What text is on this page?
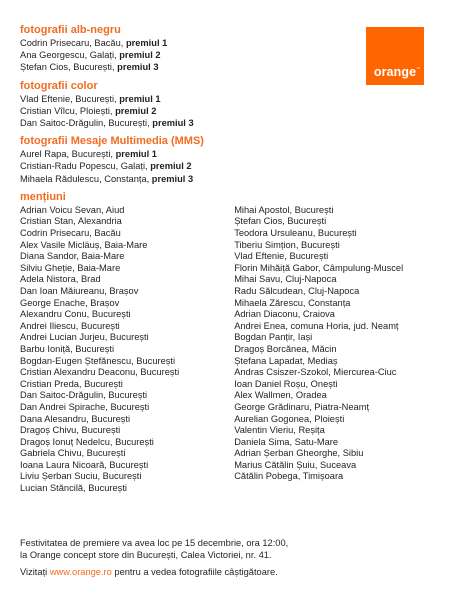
orange ™
fotografii alb-negru
Codrin Prisecaru, Bacău, premiul 1
Ana Georgescu, Galați, premiul 2
Ștefan Cios, București, premiul 3
fotografii color
Vlad Eftenie, București, premiul 1
Cristian Vîlcu, Ploiești, premiul 2
Dan Saitoc-Drăgulin, București, premiul 3
fotografii Mesaje Multimedia (MMS)
Aurel Rapa, București, premiul 1
Cristian-Radu Popescu, Galați, premiul 2
Mihaela Rădulescu, Constanța, premiul 3
mențiuni
Adrian Voicu Sevan, Aiud
Cristian Stan, Alexandria
Codrin Prisecaru, Bacău
Alex Vasile Micläuș, Baia-Mare
Diana Sandor, Baia-Mare
Silviu Gheție, Baia-Mare
Adela Nistora, Brad
Dan Ioan Măiureanu, Brașov
George Enache, Brașov
Alexandru Conu, București
Andrei Iliescu, București
Andrei Lucian Jurjeu, București
Barbu Ioniță, București
Bogdan-Eugen Ștefănescu, București
Cristian Alexandru Deaconu, București
Cristian Preda, București
Dan Saitoc-Drăgulin, București
Dan Andrei Spirache, București
Dana Alesandru, București
Dragoș Chivu, București
Dragoș Ionuț Nedelcu, București
Gabriela Chivu, București
Ioana Laura Nicoară, București
Liviu Șerban Suciu, București
Lucian Stăncilă, București
Mihai Apostol, București
Ștefan Cios, București
Teodora Ursuleanu, București
Tiberiu Simțion, București
Vlad Eftenie, București
Florin Mihăiță Gabor, Câmpulung-Muscel
Mihai Savu, Cluj-Napoca
Radu Sălcudean, Cluj-Napoca
Mihaela Zărescu, Constanța
Adrian Diaconu, Craiova
Andrei Enea, comuna Horia, jud. Neamț
Bogdan Panțir, Iași
Dragoș Borcănea, Măcin
Ștefana Lapadat, Mediaș
Andras Csiszer-Szokol, Miercurea-Ciuc
Ioan Daniel Roșu, Onești
Alex Wallmen, Oradea
George Grădinaru, Piatra-Neamț
Aurelian Gogonea, Ploiești
Valentin Vieriu, Reșița
Daniela Sima, Satu-Mare
Adrian Șerban Gheorghe, Sibiu
Marius Cătălin Șuiu, Suceava
Cătălin Pobega, Timișoara
Festivitatea de premiere va avea loc pe 15 decembrie, ora 12:00,
la Orange concept store din București, Calea Victoriei, nr. 41.
Vizitați www.orange.ro pentru a vedea fotografiile câștigătoare.
